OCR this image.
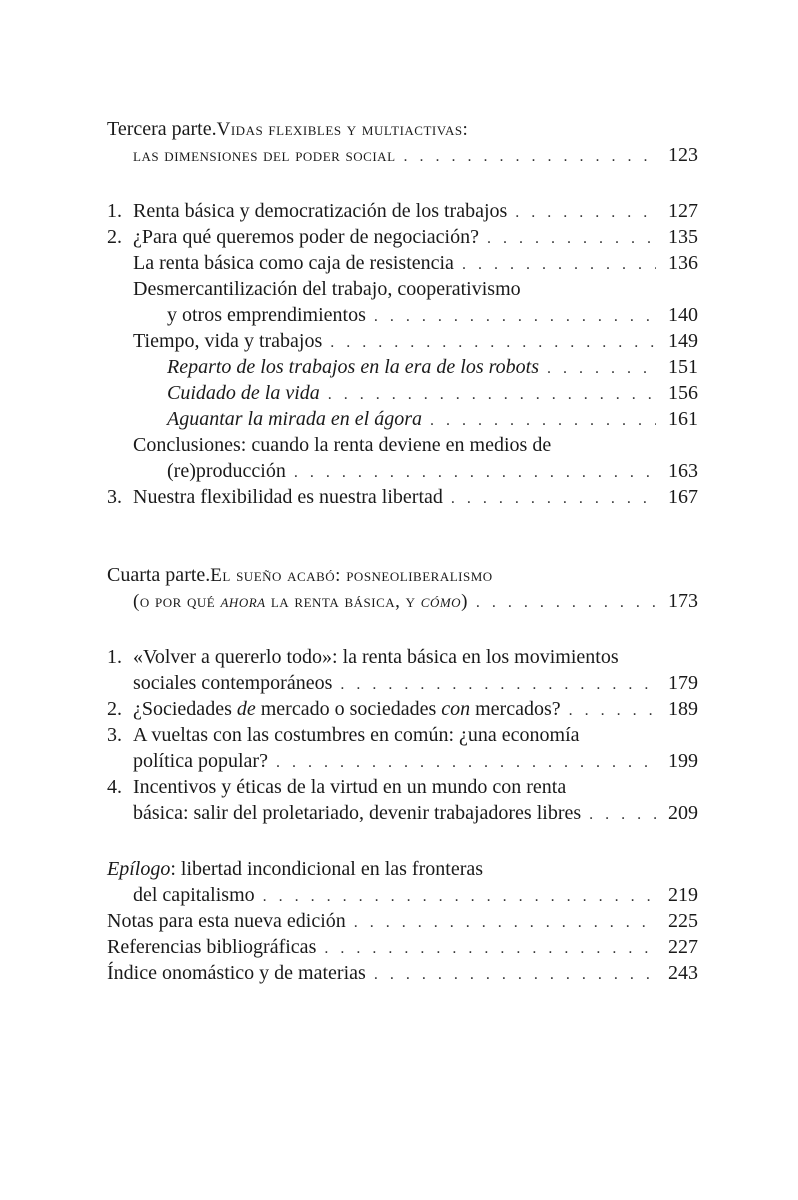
Tercera parte. Vidas flexibles y multiactivas:
las dimensiones del poder social . . .	123
1. Renta básica y democratización de los trabajos . . .	127
2. ¿Para qué queremos poder de negociación? . . .	135
La renta básica como caja de resistencia . . .	136
Desmercantilización del trabajo, cooperativismo
y otros emprendimientos . . .	140
Tiempo, vida y trabajos . . .	149
Reparto de los trabajos en la era de los robots . . .	151
Cuidado de la vida . . .	156
Aguantar la mirada en el ágora . . .	161
Conclusiones: cuando la renta deviene en medios de
(re)producción . . .	163
3. Nuestra flexibilidad es nuestra libertad . . .	167
Cuarta parte. El sueño acabó: posneoliberalismo
(o por qué ahora la renta básica, y cómo) . . .	173
1. «Volver a quererlo todo»: la renta básica en los movimientos
sociales contemporáneos . . .	179
2. ¿Sociedades de mercado o sociedades con mercados? . . .	189
3. A vueltas con las costumbres en común: ¿una economía
política popular? . . .	199
4. Incentivos y éticas de la virtud en un mundo con renta
básica: salir del proletariado, devenir trabajadores libres . . .	209
Epílogo: libertad incondicional en las fronteras
del capitalismo . . .	219
Notas para esta nueva edición . . .	225
Referencias bibliográficas . . .	227
Índice onomástico y de materias . . .	243
